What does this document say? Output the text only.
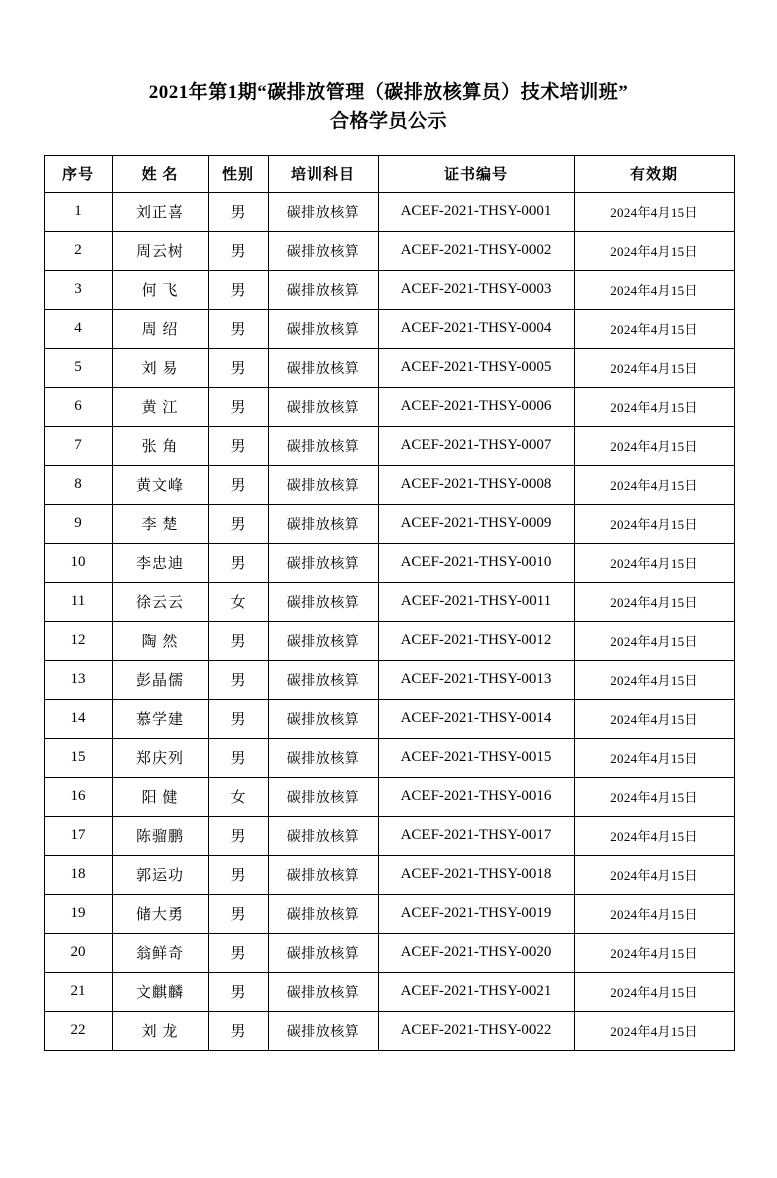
2021年第1期“碳排放管理（碳排放核算员）技术培训班”
合格学员公示
序号	姓 名	性别	培训科目	证书编号	有效期
1	刘正喜	男	碳排放核算	ACEF-2021-THSY-0001	2024年4月15日
2	周云树	男	碳排放核算	ACEF-2021-THSY-0002	2024年4月15日
3	何 飞	男	碳排放核算	ACEF-2021-THSY-0003	2024年4月15日
4	周 绍	男	碳排放核算	ACEF-2021-THSY-0004	2024年4月15日
5	刘 易	男	碳排放核算	ACEF-2021-THSY-0005	2024年4月15日
6	黄 江	男	碳排放核算	ACEF-2021-THSY-0006	2024年4月15日
7	张 角	男	碳排放核算	ACEF-2021-THSY-0007	2024年4月15日
8	黄文峰	男	碳排放核算	ACEF-2021-THSY-0008	2024年4月15日
9	李 楚	男	碳排放核算	ACEF-2021-THSY-0009	2024年4月15日
10	李忠迪	男	碳排放核算	ACEF-2021-THSY-0010	2024年4月15日
11	徐云云	女	碳排放核算	ACEF-2021-THSY-0011	2024年4月15日
12	陶 然	男	碳排放核算	ACEF-2021-THSY-0012	2024年4月15日
13	彭晶儒	男	碳排放核算	ACEF-2021-THSY-0013	2024年4月15日
14	慕学建	男	碳排放核算	ACEF-2021-THSY-0014	2024年4月15日
15	郑庆列	男	碳排放核算	ACEF-2021-THSY-0015	2024年4月15日
16	阳 健	女	碳排放核算	ACEF-2021-THSY-0016	2024年4月15日
17	陈骝鹏	男	碳排放核算	ACEF-2021-THSY-0017	2024年4月15日
18	郭运功	男	碳排放核算	ACEF-2021-THSY-0018	2024年4月15日
19	储大勇	男	碳排放核算	ACEF-2021-THSY-0019	2024年4月15日
20	翁鲜奇	男	碳排放核算	ACEF-2021-THSY-0020	2024年4月15日
21	文麒麟	男	碳排放核算	ACEF-2021-THSY-0021	2024年4月15日
22	刘 龙	男	碳排放核算	ACEF-2021-THSY-0022	2024年4月15日
